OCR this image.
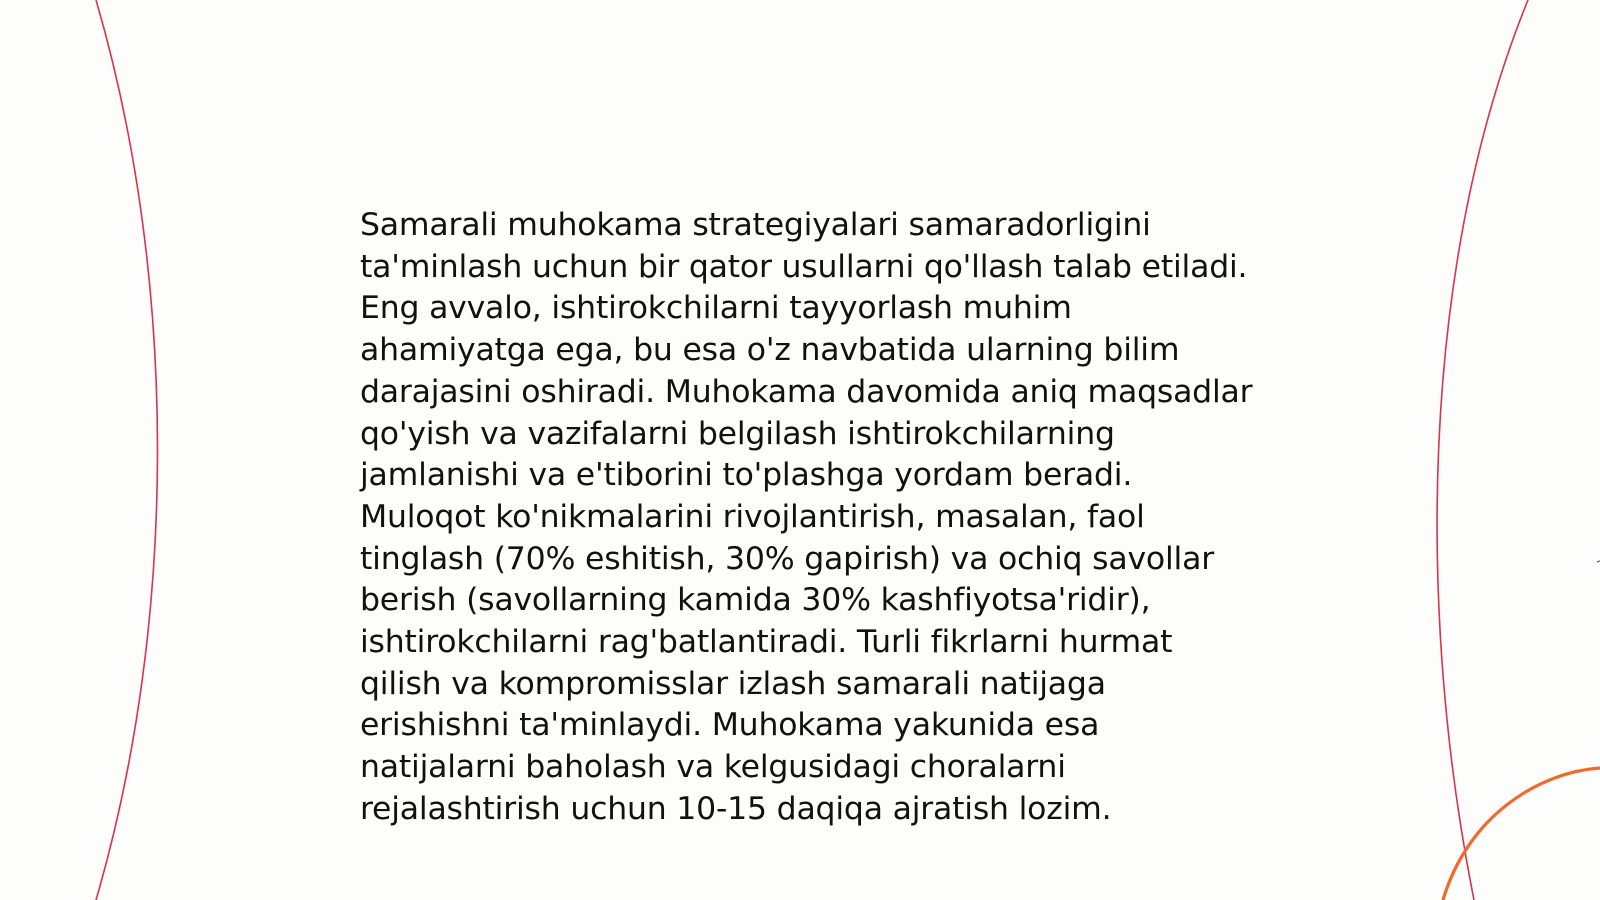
Samarali muhokama strategiyalari samaradorligini ta'minlash uchun bir qator usullarni qo'llash talab etiladi. Eng avvalo, ishtirokchilarni tayyorlash muhim ahamiyatga ega, bu esa o'z navbatida ularning bilim darajasini oshiradi. Muhokama davomida aniq maqsadlar qo'yish va vazifalarni belgilash ishtirokchilarning jamlanishi va e'tiborini to'plashga yordam beradi. Muloqot ko'nikmalarini rivojlantirish, masalan, faol tinglash (70% eshitish, 30% gapirish) va ochiq savollar berish (savollarning kamida 30% kashfiyotsa'ridir), ishtirokchilarni rag'batlantiradi. Turli fikrlarni hurmat qilish va kompromisslar izlash samarali natijaga erishishni ta'minlaydi. Muhokama yakunida esa natijalarni baholash va kelgusidagi choralarni rejalashtirish uchun 10-15 daqiqa ajratish lozim.
